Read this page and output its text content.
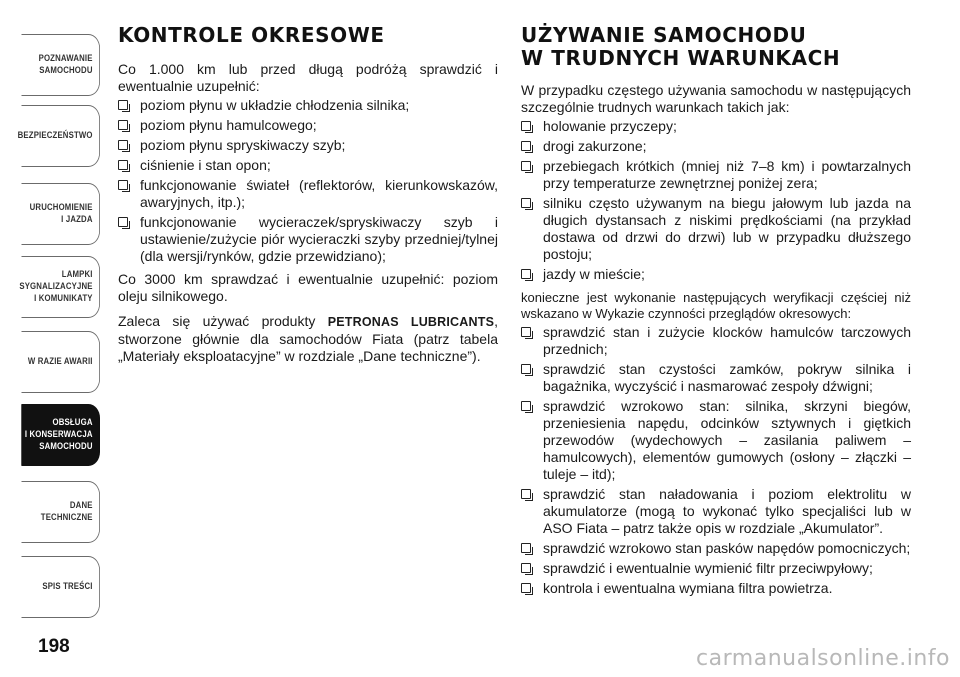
POZNAWANIE
SAMOCHODU
BEZPIECZEŃSTWO
URUCHOMIENIE
I JAZDA
LAMPKI
SYGNALIZACYJNE
I KOMUNIKATY
W RAZIE AWARII
OBSŁUGA
I KONSERWACJA
SAMOCHODU
DANE
TECHNICZNE
SPIS TREŚCI
198
KONTROLE OKRESOWE

Co 1.000 km lub przed długą podróżą sprawdzić i ewentualnie uzupełnić:

poziom płynu w układzie chłodzenia silnika;
poziom płynu hamulcowego;
poziom płynu spryskiwaczy szyb;
ciśnienie i stan opon;
funkcjonowanie świateł (reflektorów, kierunkowskazów, awaryjnych, itp.);
funkcjonowanie wycieraczek/spryskiwaczy szyb i ustawienie/zużycie piór wycieraczki szyby przedniej/tylnej (dla wersji/rynków, gdzie przewidziano);

Co 3000 km sprawdzać i ewentualnie uzupełnić: poziom oleju silnikowego.

Zaleca się używać produkty PETRONAS LUBRICANTS, stworzone głównie dla samochodów Fiata (patrz tabela „Materiały eksploatacyjne” w rozdziale „Dane techniczne”).

UŻYWANIE SAMOCHODU
W TRUDNYCH WARUNKACH

W przypadku częstego używania samochodu w następujących szczególnie trudnych warunkach takich jak:

holowanie przyczepy;
drogi zakurzone;
przebiegach krótkich (mniej niż 7–8 km) i powtarzalnych przy temperaturze zewnętrznej poniżej zera;
silniku często używanym na biegu jałowym lub jazda na długich dystansach z niskimi prędkościami (na przykład dostawa od drzwi do drzwi) lub w przypadku dłuższego postoju;
jazdy w mieście;

konieczne jest wykonanie następujących weryfikacji częściej niż wskazano w Wykazie czynności przeglądów okresowych:

sprawdzić stan i zużycie klocków hamulców tarczowych przednich;
sprawdzić stan czystości zamków, pokryw silnika i bagażnika, wyczyścić i nasmarować zespoły dźwigni;
sprawdzić wzrokowo stan: silnika, skrzyni biegów, przeniesienia napędu, odcinków sztywnych i giętkich przewodów (wydechowych – zasilania paliwem – hamulcowych), elementów gumowych (osłony – złączki – tuleje – itd);
sprawdzić stan naładowania i poziom elektrolitu w akumulatorze (mogą to wykonać tylko specjaliści lub w ASO Fiata – patrz także opis w rozdziale „Akumulator”.
sprawdzić wzrokowo stan pasków napędów pomocniczych;
sprawdzić i ewentualnie wymienić filtr przeciwpyłowy;
kontrola i ewentualna wymiana filtra powietrza.
carmanualsonline.info
